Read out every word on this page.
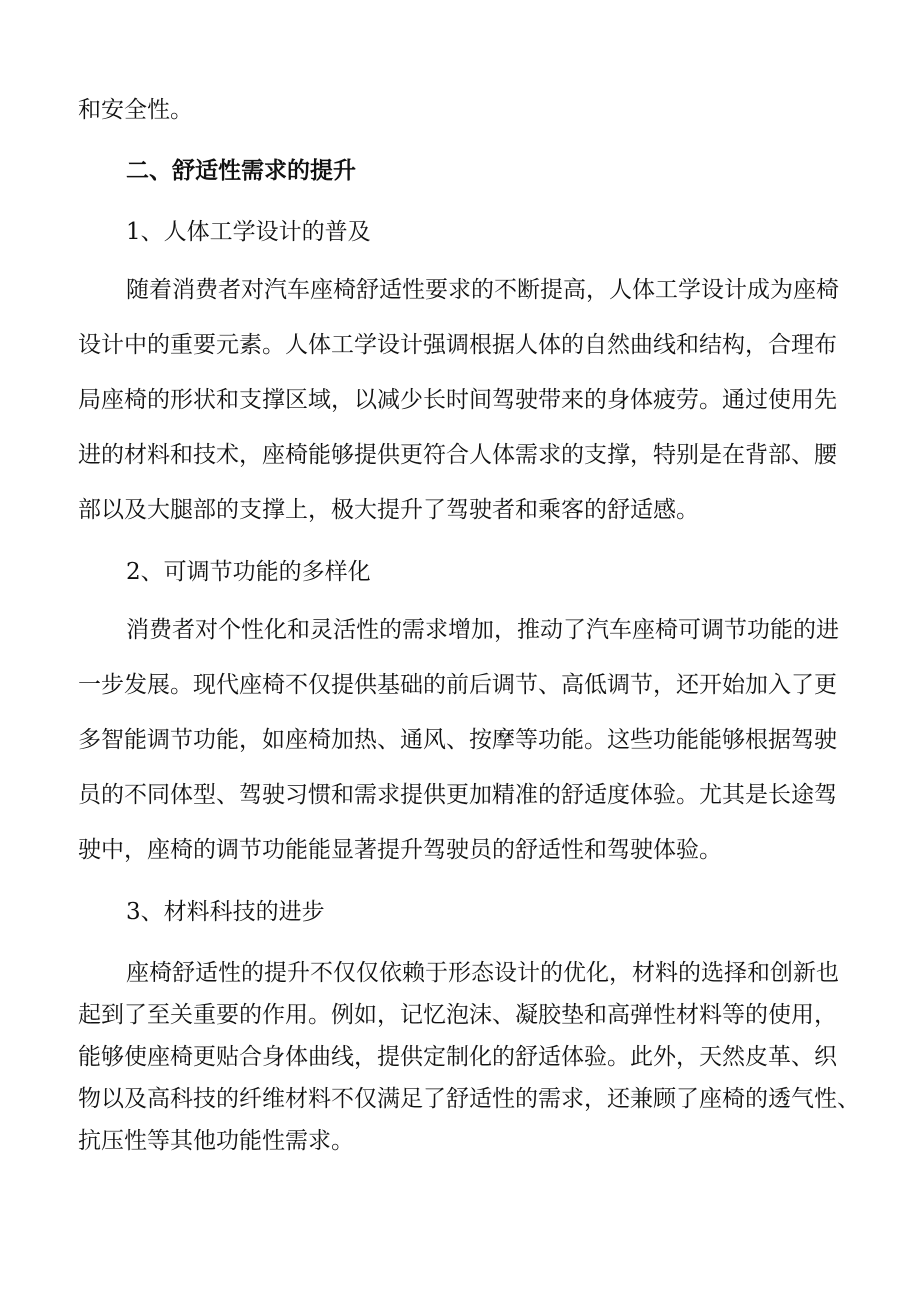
和安全性。

二、舒适性需求的提升

1、人体工学设计的普及

随着消费者对汽车座椅舒适性要求的不断提高，人体工学设计成为座椅

设计中的重要元素。人体工学设计强调根据人体的自然曲线和结构，合理布

局座椅的形状和支撑区域，以减少长时间驾驶带来的身体疲劳。通过使用先

进的材料和技术，座椅能够提供更符合人体需求的支撑，特别是在背部、腰

部以及大腿部的支撑上，极大提升了驾驶者和乘客的舒适感。

2、可调节功能的多样化

消费者对个性化和灵活性的需求增加，推动了汽车座椅可调节功能的进

一步发展。现代座椅不仅提供基础的前后调节、高低调节，还开始加入了更

多智能调节功能，如座椅加热、通风、按摩等功能。这些功能能够根据驾驶

员的不同体型、驾驶习惯和需求提供更加精准的舒适度体验。尤其是长途驾

驶中，座椅的调节功能能显著提升驾驶员的舒适性和驾驶体验。

3、材料科技的进步

座椅舒适性的提升不仅仅依赖于形态设计的优化，材料的选择和创新也

起到了至关重要的作用。例如，记忆泡沫、凝胶垫和高弹性材料等的使用，

能够使座椅更贴合身体曲线，提供定制化的舒适体验。此外，天然皮革、织

物以及高科技的纤维材料不仅满足了舒适性的需求，还兼顾了座椅的透气性、

抗压性等其他功能性需求。
